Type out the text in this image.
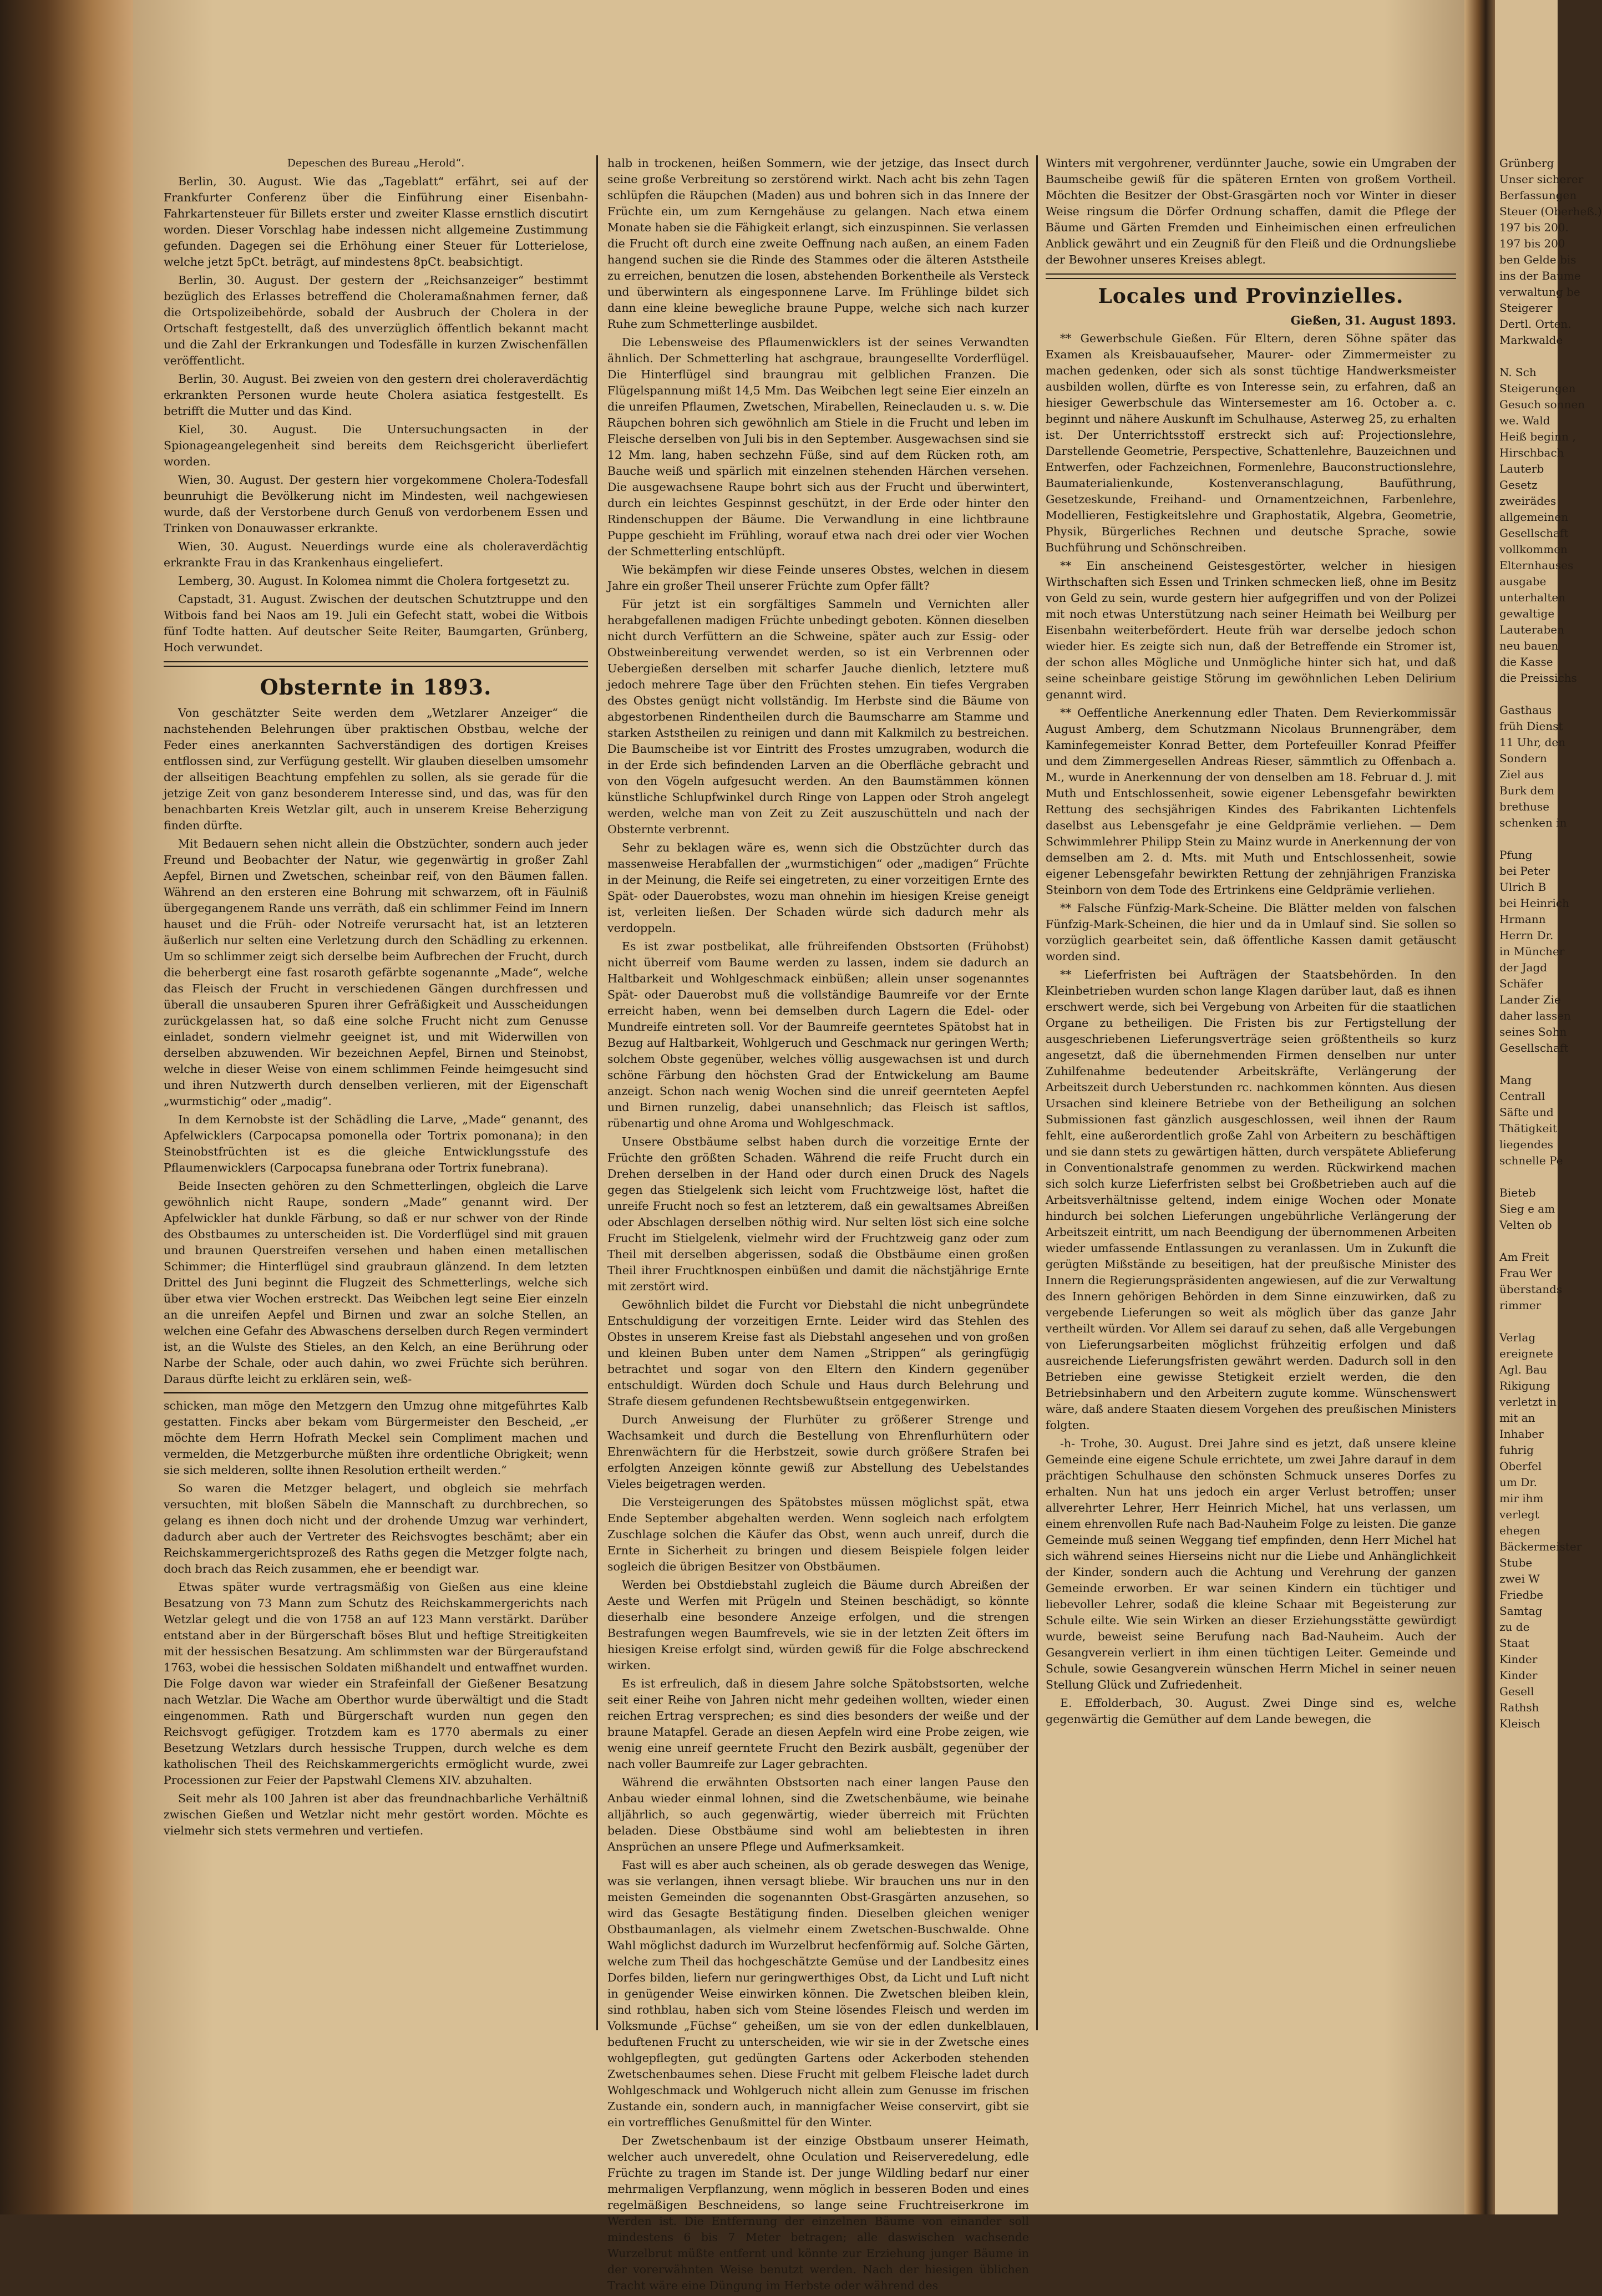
Grünberg

Unser sicherer

Berfassungen

Steuer (Oberheß.)

197 bis 200.

197 bis 200

ben Gelde bis

ins der Baume

verwaltung be

Steigerer

Dertl. Orten.

Markwalde

N. Sch

Steigerungen

Gesuch sonnen

we. Wald

Heiß beginn ,

Hirschbach

Lauterb

Gesetz

zweirädes

allgemeinen

Gesellschaft

vollkommen

Elternhauses

ausgabe

unterhalten

gewaltige

Lauteraben

neu bauen

die Kasse

die Preissichs

Gasthaus

früh Dienst

11 Uhr, den

Sondern

Ziel aus

Burk dem

brethuse

schenken in

Pfung

bei Peter

Ulrich B

bei Heinrich

Hrmann

Herrn Dr.

in Müncher

der Jagd

Schäfer

Lander Zie

daher lassen

seines Sohn

Gesellschaft

Mang

Centrall

Säfte und

Thätigkeit

liegendes

schnelle Pe

Bieteb

Sieg e am

Velten ob

Am Freit

Frau Wer

überstands

rimmer

Verlag

ereignete

Agl. Bau

Rikigung

verletzt in

mit an

Inhaber

fuhrig

Oberfel

um Dr.

mir ihm

verlegt

ehegen

Bäckermeister

Stube

zwei W

Friedbe

Samtag

zu de

Staat

Kinder

Kinder

Gesell

Rathsh

Kleisch

Depeschen des Bureau „Herold“.

Berlin, 30. August. Wie das „Tageblatt“ erfährt, sei auf der Frankfurter Conferenz über die Einführung einer Eisenbahn-Fahrkartensteuer für Billets erster und zweiter Klasse ernstlich discutirt worden. Dieser Vorschlag habe indessen nicht allgemeine Zustimmung gefunden. Dagegen sei die Erhöhung einer Steuer für Lotterielose, welche jetzt 5pCt. beträgt, auf mindestens 8pCt. beabsichtigt.

Berlin, 30. August. Der gestern der „Reichsanzeiger“ bestimmt bezüglich des Erlasses betreffend die Choleramaßnahmen ferner, daß die Ortspolizeibehörde, sobald der Ausbruch der Cholera in der Ortschaft festgestellt, daß des unverzüglich öffentlich bekannt macht und die Zahl der Erkrankungen und Todesfälle in kurzen Zwischenfällen veröffentlicht.

Berlin, 30. August. Bei zweien von den gestern drei choleraverdächtig erkrankten Personen wurde heute Cholera asiatica festgestellt. Es betrifft die Mutter und das Kind.

Kiel, 30. August. Die Untersuchungsacten in der Spionageangelegenheit sind bereits dem Reichsgericht überliefert worden.

Wien, 30. August. Der gestern hier vorgekommene Cholera-Todesfall beunruhigt die Bevölkerung nicht im Mindesten, weil nachgewiesen wurde, daß der Verstorbene durch Genuß von verdorbenem Essen und Trinken von Donauwasser erkrankte.

Wien, 30. August. Neuerdings wurde eine als choleraverdächtig erkrankte Frau in das Krankenhaus eingeliefert.

Lemberg, 30. August. In Kolomea nimmt die Cholera fortgesetzt zu.

Capstadt, 31. August. Zwischen der deutschen Schutztruppe und den Witbois fand bei Naos am 19. Juli ein Gefecht statt, wobei die Witbois fünf Todte hatten. Auf deutscher Seite Reiter, Baumgarten, Grünberg, Hoch verwundet.

Obsternte in 1893.

Von geschätzter Seite werden dem „Wetzlarer Anzeiger“ die nachstehenden Belehrungen über praktischen Obstbau, welche der Feder eines anerkannten Sachverständigen des dortigen Kreises entflossen sind, zur Verfügung gestellt. Wir glauben dieselben umsomehr der allseitigen Beachtung empfehlen zu sollen, als sie gerade für die jetzige Zeit von ganz besonderem Interesse sind, und das, was für den benachbarten Kreis Wetzlar gilt, auch in unserem Kreise Beherzigung finden dürfte.

Mit Bedauern sehen nicht allein die Obstzüchter, sondern auch jeder Freund und Beobachter der Natur, wie gegenwärtig in großer Zahl Aepfel, Birnen und Zwetschen, scheinbar reif, von den Bäumen fallen. Während an den ersteren eine Bohrung mit schwarzem, oft in Fäulniß übergegangenem Rande uns verräth, daß ein schlimmer Feind im Innern hauset und die Früh- oder Notreife verursacht hat, ist an letzteren äußerlich nur selten eine Verletzung durch den Schädling zu erkennen. Um so schlimmer zeigt sich derselbe beim Aufbrechen der Frucht, durch die beherbergt eine fast rosaroth gefärbte sogenannte „Made“, welche das Fleisch der Frucht in verschiedenen Gängen durchfressen und überall die unsauberen Spuren ihrer Gefräßigkeit und Ausscheidungen zurückgelassen hat, so daß eine solche Frucht nicht zum Genusse einladet, sondern vielmehr geeignet ist, und mit Widerwillen von derselben abzuwenden. Wir bezeichnen Aepfel, Birnen und Steinobst, welche in dieser Weise von einem schlimmen Feinde heimgesucht sind und ihren Nutzwerth durch denselben verlieren, mit der Eigenschaft „wurmstichig“ oder „madig“.

In dem Kernobste ist der Schädling die Larve, „Made“ genannt, des Apfelwicklers (Carpocapsa pomonella oder Tortrix pomonana); in den Steinobstfrüchten ist es die gleiche Entwicklungsstufe des Pflaumenwicklers (Carpocapsa funebrana oder Tortrix funebrana).

Beide Insecten gehören zu den Schmetterlingen, obgleich die Larve gewöhnlich nicht Raupe, sondern „Made“ genannt wird. Der Apfelwickler hat dunkle Färbung, so daß er nur schwer von der Rinde des Obstbaumes zu unterscheiden ist. Die Vorderflügel sind mit grauen und braunen Querstreifen versehen und haben einen metallischen Schimmer; die Hinterflügel sind graubraun glänzend. In dem letzten Drittel des Juni beginnt die Flugzeit des Schmetterlings, welche sich über etwa vier Wochen erstreckt. Das Weibchen legt seine Eier einzeln an die unreifen Aepfel und Birnen und zwar an solche Stellen, an welchen eine Gefahr des Abwaschens derselben durch Regen vermindert ist, an die Wulste des Stieles, an den Kelch, an eine Berührung oder Narbe der Schale, oder auch dahin, wo zwei Früchte sich berühren. Daraus dürfte leicht zu erklären sein, weß-

schicken, man möge den Metzgern den Umzug ohne mitgeführtes Kalb gestatten. Fincks aber bekam vom Bürgermeister den Bescheid, „er möchte dem Herrn Hofrath Meckel sein Compliment machen und vermelden, die Metzgerburche müßten ihre ordentliche Obrigkeit; wenn sie sich melderen, sollte ihnen Resolution ertheilt werden.“

So waren die Metzger belagert, und obgleich sie mehrfach versuchten, mit bloßen Säbeln die Mannschaft zu durchbrechen, so gelang es ihnen doch nicht und der drohende Umzug war verhindert, dadurch aber auch der Vertreter des Reichsvogtes beschämt; aber ein Reichskammergerichtsprozeß des Raths gegen die Metzger folgte nach, doch brach das Reich zusammen, ehe er beendigt war.

Etwas später wurde vertragsmäßig von Gießen aus eine kleine Besatzung von 73 Mann zum Schutz des Reichskammergerichts nach Wetzlar gelegt und die von 1758 an auf 123 Mann verstärkt. Darüber entstand aber in der Bürgerschaft böses Blut und heftige Streitigkeiten mit der hessischen Besatzung. Am schlimmsten war der Bürgeraufstand 1763, wobei die hessischen Soldaten mißhandelt und entwaffnet wurden. Die Folge davon war wieder ein Strafeinfall der Gießener Besatzung nach Wetzlar. Die Wache am Oberthor wurde überwältigt und die Stadt eingenommen. Rath und Bürgerschaft wurden nun gegen den Reichsvogt gefügiger. Trotzdem kam es 1770 abermals zu einer Besetzung Wetzlars durch hessische Truppen, durch welche es dem katholischen Theil des Reichskammergerichts ermöglicht wurde, zwei Processionen zur Feier der Papstwahl Clemens XIV. abzuhalten.

Seit mehr als 100 Jahren ist aber das freundnachbarliche Verhältniß zwischen Gießen und Wetzlar nicht mehr gestört worden. Möchte es vielmehr sich stets vermehren und vertiefen.

halb in trockenen, heißen Sommern, wie der jetzige, das Insect durch seine große Verbreitung so zerstörend wirkt. Nach acht bis zehn Tagen schlüpfen die Räupchen (Maden) aus und bohren sich in das Innere der Früchte ein, um zum Kerngehäuse zu gelangen. Nach etwa einem Monate haben sie die Fähigkeit erlangt, sich einzuspinnen. Sie verlassen die Frucht oft durch eine zweite Oeffnung nach außen, an einem Faden hangend suchen sie die Rinde des Stammes oder die älteren Aststheile zu erreichen, benutzen die losen, abstehenden Borkentheile als Versteck und überwintern als eingesponnene Larve. Im Frühlinge bildet sich dann eine kleine bewegliche braune Puppe, welche sich nach kurzer Ruhe zum Schmetterlinge ausbildet.

Die Lebensweise des Pflaumenwicklers ist der seines Verwandten ähnlich. Der Schmetterling hat aschgraue, braungesellte Vorderflügel. Die Hinterflügel sind braungrau mit gelblichen Franzen. Die Flügelspannung mißt 14,5 Mm. Das Weibchen legt seine Eier einzeln an die unreifen Pflaumen, Zwetschen, Mirabellen, Reineclauden u. s. w. Die Räupchen bohren sich gewöhnlich am Stiele in die Frucht und leben im Fleische derselben von Juli bis in den September. Ausgewachsen sind sie 12 Mm. lang, haben sechzehn Füße, sind auf dem Rücken roth, am Bauche weiß und spärlich mit einzelnen stehenden Härchen versehen. Die ausgewachsene Raupe bohrt sich aus der Frucht und überwintert, durch ein leichtes Gespinnst geschützt, in der Erde oder hinter den Rindenschuppen der Bäume. Die Verwandlung in eine lichtbraune Puppe geschieht im Frühling, worauf etwa nach drei oder vier Wochen der Schmetterling entschlüpft.

Wie bekämpfen wir diese Feinde unseres Obstes, welchen in diesem Jahre ein großer Theil unserer Früchte zum Opfer fällt?

Für jetzt ist ein sorgfältiges Sammeln und Vernichten aller herabgefallenen madigen Früchte unbedingt geboten. Können dieselben nicht durch Verfüttern an die Schweine, später auch zur Essig- oder Obstweinbereitung verwendet werden, so ist ein Verbrennen oder Uebergießen derselben mit scharfer Jauche dienlich, letztere muß jedoch mehrere Tage über den Früchten stehen. Ein tiefes Vergraben des Obstes genügt nicht vollständig. Im Herbste sind die Bäume von abgestorbenen Rindentheilen durch die Baumscharre am Stamme und starken Aststheilen zu reinigen und dann mit Kalkmilch zu bestreichen. Die Baumscheibe ist vor Eintritt des Frostes umzugraben, wodurch die in der Erde sich befindenden Larven an die Oberfläche gebracht und von den Vögeln aufgesucht werden. An den Baumstämmen können künstliche Schlupfwinkel durch Ringe von Lappen oder Stroh angelegt werden, welche man von Zeit zu Zeit auszuschütteln und nach der Obsternte verbrennt.

Sehr zu beklagen wäre es, wenn sich die Obstzüchter durch das massenweise Herabfallen der „wurmstichigen“ oder „madigen“ Früchte in der Meinung, die Reife sei eingetreten, zu einer vorzeitigen Ernte des Spät- oder Dauerobstes, wozu man ohnehin im hiesigen Kreise geneigt ist, verleiten ließen. Der Schaden würde sich dadurch mehr als verdoppeln.

Es ist zwar postbelikat, alle frühreifenden Obstsorten (Frühobst) nicht überreif vom Baume werden zu lassen, indem sie dadurch an Haltbarkeit und Wohlgeschmack einbüßen; allein unser sogenanntes Spät- oder Dauerobst muß die vollständige Baumreife vor der Ernte erreicht haben, wenn bei demselben durch Lagern die Edel- oder Mundreife eintreten soll. Vor der Baumreife geerntetes Spätobst hat in Bezug auf Haltbarkeit, Wohlgeruch und Geschmack nur geringen Werth; solchem Obste gegenüber, welches völlig ausgewachsen ist und durch schöne Färbung den höchsten Grad der Entwickelung am Baume anzeigt. Schon nach wenig Wochen sind die unreif geernteten Aepfel und Birnen runzelig, dabei unansehnlich; das Fleisch ist saftlos, rübenartig und ohne Aroma und Wohlgeschmack.

Unsere Obstbäume selbst haben durch die vorzeitige Ernte der Früchte den größten Schaden. Während die reife Frucht durch ein Drehen derselben in der Hand oder durch einen Druck des Nagels gegen das Stielgelenk sich leicht vom Fruchtzweige löst, haftet die unreife Frucht noch so fest an letzterem, daß ein gewaltsames Abreißen oder Abschlagen derselben nöthig wird. Nur selten löst sich eine solche Frucht im Stielgelenk, vielmehr wird der Fruchtzweig ganz oder zum Theil mit derselben abgerissen, sodaß die Obstbäume einen großen Theil ihrer Fruchtknospen einbüßen und damit die nächstjährige Ernte mit zerstört wird.

Gewöhnlich bildet die Furcht vor Diebstahl die nicht unbegründete Entschuldigung der vorzeitigen Ernte. Leider wird das Stehlen des Obstes in unserem Kreise fast als Diebstahl angesehen und von großen und kleinen Buben unter dem Namen „Strippen“ als geringfügig betrachtet und sogar von den Eltern den Kindern gegenüber entschuldigt. Würden doch Schule und Haus durch Belehrung und Strafe diesem gefundenen Rechtsbewußtsein entgegenwirken.

Durch Anweisung der Flurhüter zu größerer Strenge und Wachsamkeit und durch die Bestellung von Ehrenflurhütern oder Ehrenwächtern für die Herbstzeit, sowie durch größere Strafen bei erfolgten Anzeigen könnte gewiß zur Abstellung des Uebelstandes Vieles beigetragen werden.

Die Versteigerungen des Spätobstes müssen möglichst spät, etwa Ende September abgehalten werden. Wenn sogleich nach erfolgtem Zuschlage solchen die Käufer das Obst, wenn auch unreif, durch die Ernte in Sicherheit zu bringen und diesem Beispiele folgen leider sogleich die übrigen Besitzer von Obstbäumen.

Werden bei Obstdiebstahl zugleich die Bäume durch Abreißen der Aeste und Werfen mit Prügeln und Steinen beschädigt, so könnte dieserhalb eine besondere Anzeige erfolgen, und die strengen Bestrafungen wegen Baumfrevels, wie sie in der letzten Zeit öfters im hiesigen Kreise erfolgt sind, würden gewiß für die Folge abschreckend wirken.

Es ist erfreulich, daß in diesem Jahre solche Spätobstsorten, welche seit einer Reihe von Jahren nicht mehr gedeihen wollten, wieder einen reichen Ertrag versprechen; es sind dies besonders der weiße und der braune Matapfel. Gerade an diesen Aepfeln wird eine Probe zeigen, wie wenig eine unreif geerntete Frucht den Bezirk ausbält, gegenüber der nach voller Baumreife zur Lager gebrachten.

Während die erwähnten Obstsorten nach einer langen Pause den Anbau wieder einmal lohnen, sind die Zwetschenbäume, wie beinahe alljährlich, so auch gegenwärtig, wieder überreich mit Früchten beladen. Diese Obstbäume sind wohl am beliebtesten in ihren Ansprüchen an unsere Pflege und Aufmerksamkeit.

Fast will es aber auch scheinen, als ob gerade deswegen das Wenige, was sie verlangen, ihnen versagt bliebe. Wir brauchen uns nur in den meisten Gemeinden die sogenannten Obst-Grasgärten anzusehen, so wird das Gesagte Bestätigung finden. Dieselben gleichen weniger Obstbaumanlagen, als vielmehr einem Zwetschen-Buschwalde. Ohne Wahl möglichst dadurch im Wurzelbrut hecfenförmig auf. Solche Gärten, welche zum Theil das hochgeschätzte Gemüse und der Landbesitz eines Dorfes bilden, liefern nur geringwerthiges Obst, da Licht und Luft nicht in genügender Weise einwirken können. Die Zwetschen bleiben klein, sind rothblau, haben sich vom Steine lösendes Fleisch und werden im Volksmunde „Füchse“ geheißen, um sie von der edlen dunkelblauen, beduftenen Frucht zu unterscheiden, wie wir sie in der Zwetsche eines wohlgepflegten, gut gedüngten Gartens oder Ackerboden stehenden Zwetschenbaumes sehen. Diese Frucht mit gelbem Fleische ladet durch Wohlgeschmack und Wohlgeruch nicht allein zum Genusse im frischen Zustande ein, sondern auch, in mannigfacher Weise conservirt, gibt sie ein vortreffliches Genußmittel für den Winter.

Der Zwetschenbaum ist der einzige Obstbaum unserer Heimath, welcher auch unveredelt, ohne Oculation und Reiserveredelung, edle Früchte zu tragen im Stande ist. Der junge Wildling bedarf nur einer mehrmaligen Verpflanzung, wenn möglich in besseren Boden und eines regelmäßigen Beschneidens, so lange seine Fruchtreiserkrone im Werden ist. Die Entfernung der einzelnen Bäume von einander soll mindestens 6 bis 7 Meter betragen; alle daswischen wachsende Wurzelbrut müßte entfernt und könnte zur Erziehung junger Bäume in der vorerwähnten Weise benutzt werden. Nach der hiesigen üblichen Tracht wäre eine Düngung im Herbste oder während des

Winters mit vergohrener, verdünnter Jauche, sowie ein Umgraben der Baumscheibe gewiß für die späteren Ernten von großem Vortheil. Möchten die Besitzer der Obst-Grasgärten noch vor Winter in dieser Weise ringsum die Dörfer Ordnung schaffen, damit die Pflege der Bäume und Gärten Fremden und Einheimischen einen erfreulichen Anblick gewährt und ein Zeugniß für den Fleiß und die Ordnungsliebe der Bewohner unseres Kreises ablegt.

Locales und Provinzielles.

Gießen, 31. August 1893.

** Gewerbschule Gießen. Für Eltern, deren Söhne später das Examen als Kreisbauaufseher, Maurer- oder Zimmermeister zu machen gedenken, oder sich als sonst tüchtige Handwerksmeister ausbilden wollen, dürfte es von Interesse sein, zu erfahren, daß an hiesiger Gewerbschule das Wintersemester am 16. October a. c. beginnt und nähere Auskunft im Schulhause, Asterweg 25, zu erhalten ist. Der Unterrichtsstoff erstreckt sich auf: Projectionslehre, Darstellende Geometrie, Perspective, Schattenlehre, Bauzeichnen und Entwerfen, oder Fachzeichnen, Formenlehre, Bauconstructionslehre, Baumaterialienkunde, Kostenveranschlagung, Baufüthrung, Gesetzeskunde, Freihand- und Ornamentzeichnen, Farbenlehre, Modellieren, Festigkeitslehre und Graphostatik, Algebra, Geometrie, Physik, Bürgerliches Rechnen und deutsche Sprache, sowie Buchführung und Schönschreiben.

** Ein anscheinend Geistesgestörter, welcher in hiesigen Wirthschaften sich Essen und Trinken schmecken ließ, ohne im Besitz von Geld zu sein, wurde gestern hier aufgegriffen und von der Polizei mit noch etwas Unterstützung nach seiner Heimath bei Weilburg per Eisenbahn weiterbefördert. Heute früh war derselbe jedoch schon wieder hier. Es zeigte sich nun, daß der Betreffende ein Stromer ist, der schon alles Mögliche und Unmögliche hinter sich hat, und daß seine scheinbare geistige Störung im gewöhnlichen Leben Delirium genannt wird.

** Oeffentliche Anerkennung edler Thaten. Dem Revierkommissär August Amberg, dem Schutzmann Nicolaus Brunnengräber, dem Kaminfegemeister Konrad Better, dem Portefeuiller Konrad Pfeiffer und dem Zimmergesellen Andreas Rieser, sämmtlich zu Offenbach a. M., wurde in Anerkennung der von denselben am 18. Februar d. J. mit Muth und Entschlossenheit, sowie eigener Lebensgefahr bewirkten Rettung des sechsjährigen Kindes des Fabrikanten Lichtenfels daselbst aus Lebensgefahr je eine Geldprämie verliehen. — Dem Schwimmlehrer Philipp Stein zu Mainz wurde in Anerkennung der von demselben am 2. d. Mts. mit Muth und Entschlossenheit, sowie eigener Lebensgefahr bewirkten Rettung der zehnjährigen Franziska Steinborn von dem Tode des Ertrinkens eine Geldprämie verliehen.

** Falsche Fünfzig-Mark-Scheine. Die Blätter melden von falschen Fünfzig-Mark-Scheinen, die hier und da in Umlauf sind. Sie sollen so vorzüglich gearbeitet sein, daß öffentliche Kassen damit getäuscht worden sind.

** Lieferfristen bei Aufträgen der Staatsbehörden. In den Kleinbetrieben wurden schon lange Klagen darüber laut, daß es ihnen erschwert werde, sich bei Vergebung von Arbeiten für die staatlichen Organe zu betheiligen. Die Fristen bis zur Fertigstellung der ausgeschriebenen Lieferungsverträge seien größtentheils so kurz angesetzt, daß die übernehmenden Firmen denselben nur unter Zuhilfenahme bedeutender Arbeitskräfte, Verlängerung der Arbeitszeit durch Ueberstunden rc. nachkommen könnten. Aus diesen Ursachen sind kleinere Betriebe von der Betheiligung an solchen Submissionen fast gänzlich ausgeschlossen, weil ihnen der Raum fehlt, eine außerordentlich große Zahl von Arbeitern zu beschäftigen und sie dann stets zu gewärtigen hätten, durch verspätete Ablieferung in Conventionalstrafe genommen zu werden. Rückwirkend machen sich solch kurze Lieferfristen selbst bei Großbetrieben auch auf die Arbeitsverhältnisse geltend, indem einige Wochen oder Monate hindurch bei solchen Lieferungen ungebührliche Verlängerung der Arbeitszeit eintritt, um nach Beendigung der übernommenen Arbeiten wieder umfassende Entlassungen zu veranlassen. Um in Zukunft die gerügten Mißstände zu beseitigen, hat der preußische Minister des Innern die Regierungspräsidenten angewiesen, auf die zur Verwaltung des Innern gehörigen Behörden in dem Sinne einzuwirken, daß zu vergebende Lieferungen so weit als möglich über das ganze Jahr vertheilt würden. Vor Allem sei darauf zu sehen, daß alle Vergebungen von Lieferungsarbeiten möglichst frühzeitig erfolgen und daß ausreichende Lieferungsfristen gewährt werden. Dadurch soll in den Betrieben eine gewisse Stetigkeit erzielt werden, die den Betriebsinhabern und den Arbeitern zugute komme. Wünschenswert wäre, daß andere Staaten diesem Vorgehen des preußischen Ministers folgten.

-h- Trohe, 30. August. Drei Jahre sind es jetzt, daß unsere kleine Gemeinde eine eigene Schule errichtete, um zwei Jahre darauf in dem prächtigen Schulhause den schönsten Schmuck unseres Dorfes zu erhalten. Nun hat uns jedoch ein arger Verlust betroffen; unser allverehrter Lehrer, Herr Heinrich Michel, hat uns verlassen, um einem ehrenvollen Rufe nach Bad-Nauheim Folge zu leisten. Die ganze Gemeinde muß seinen Weggang tief empfinden, denn Herr Michel hat sich während seines Hierseins nicht nur die Liebe und Anhänglichkeit der Kinder, sondern auch die Achtung und Verehrung der ganzen Gemeinde erworben. Er war seinen Kindern ein tüchtiger und liebevoller Lehrer, sodaß die kleine Schaar mit Begeisterung zur Schule eilte. Wie sein Wirken an dieser Erziehungsstätte gewürdigt wurde, beweist seine Berufung nach Bad-Nauheim. Auch der Gesangverein verliert in ihm einen tüchtigen Leiter. Gemeinde und Schule, sowie Gesangverein wünschen Herrn Michel in seiner neuen Stellung Glück und Zufriedenheit.

E. Effolderbach, 30. August. Zwei Dinge sind es, welche gegenwärtig die Gemüther auf dem Lande bewegen, die
